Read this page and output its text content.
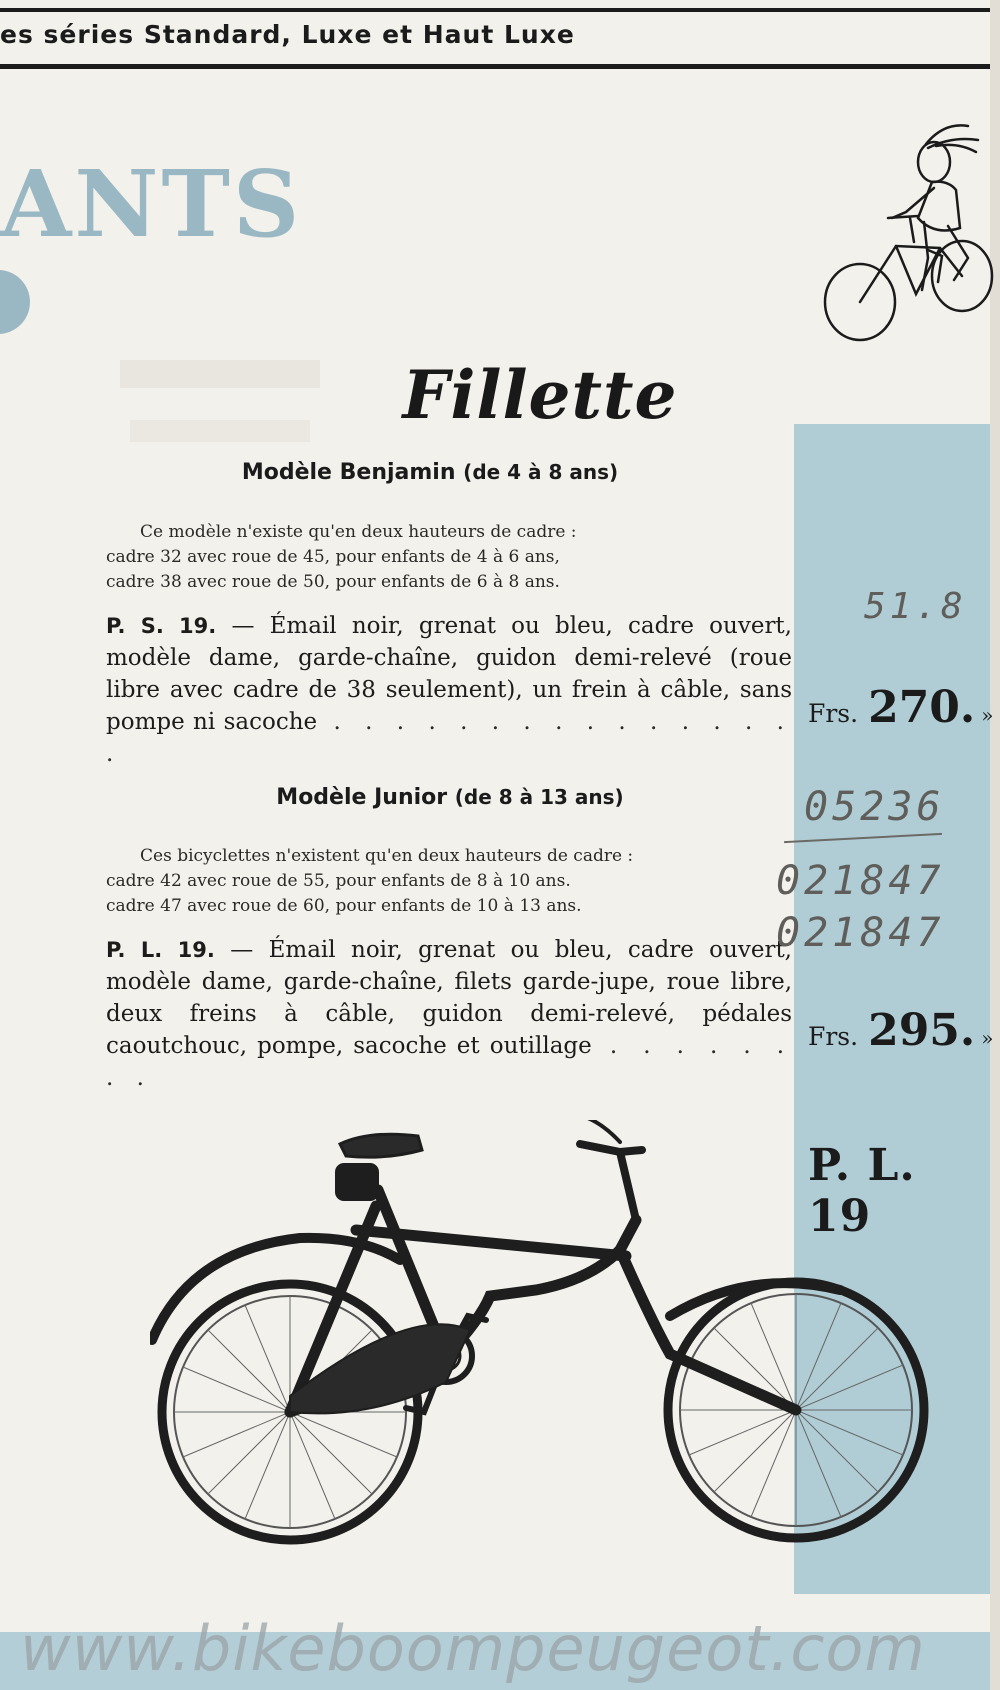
es séries Standard, Luxe et Haut Luxe
ANTS
Fillette
Modèle Benjamin (de 4 à 8 ans)
Ce modèle n'existe qu'en deux hauteurs de cadre :
cadre 32 avec roue de 45, pour enfants de 4 à 6 ans,
cadre 38 avec roue de 50, pour enfants de 6 à 8 ans.
P. S. 19. — Émail noir, grenat ou bleu, cadre ouvert, modèle dame, garde-chaîne, guidon demi-relevé (roue libre avec cadre de 38 seulement), un frein à câble, sans pompe ni sacoche . . . . . . . . . . . . . . . .
Frs. 270. »
Modèle Junior (de 8 à 13 ans)
Ces bicyclettes n'existent qu'en deux hauteurs de cadre :
cadre 42 avec roue de 55, pour enfants de 8 à 10 ans.
cadre 47 avec roue de 60, pour enfants de 10 à 13 ans.
P. L. 19. — Émail noir, grenat ou bleu, cadre ouvert, modèle dame, garde-chaîne, filets garde-jupe, roue libre, deux freins à câble, guidon demi-relevé, pédales caoutchouc, pompe, sacoche et outillage . . . . . . . .
Frs. 295. »
51.8
05236
021847
021847
P. L. 19
www.bikeboompeugeot.com
